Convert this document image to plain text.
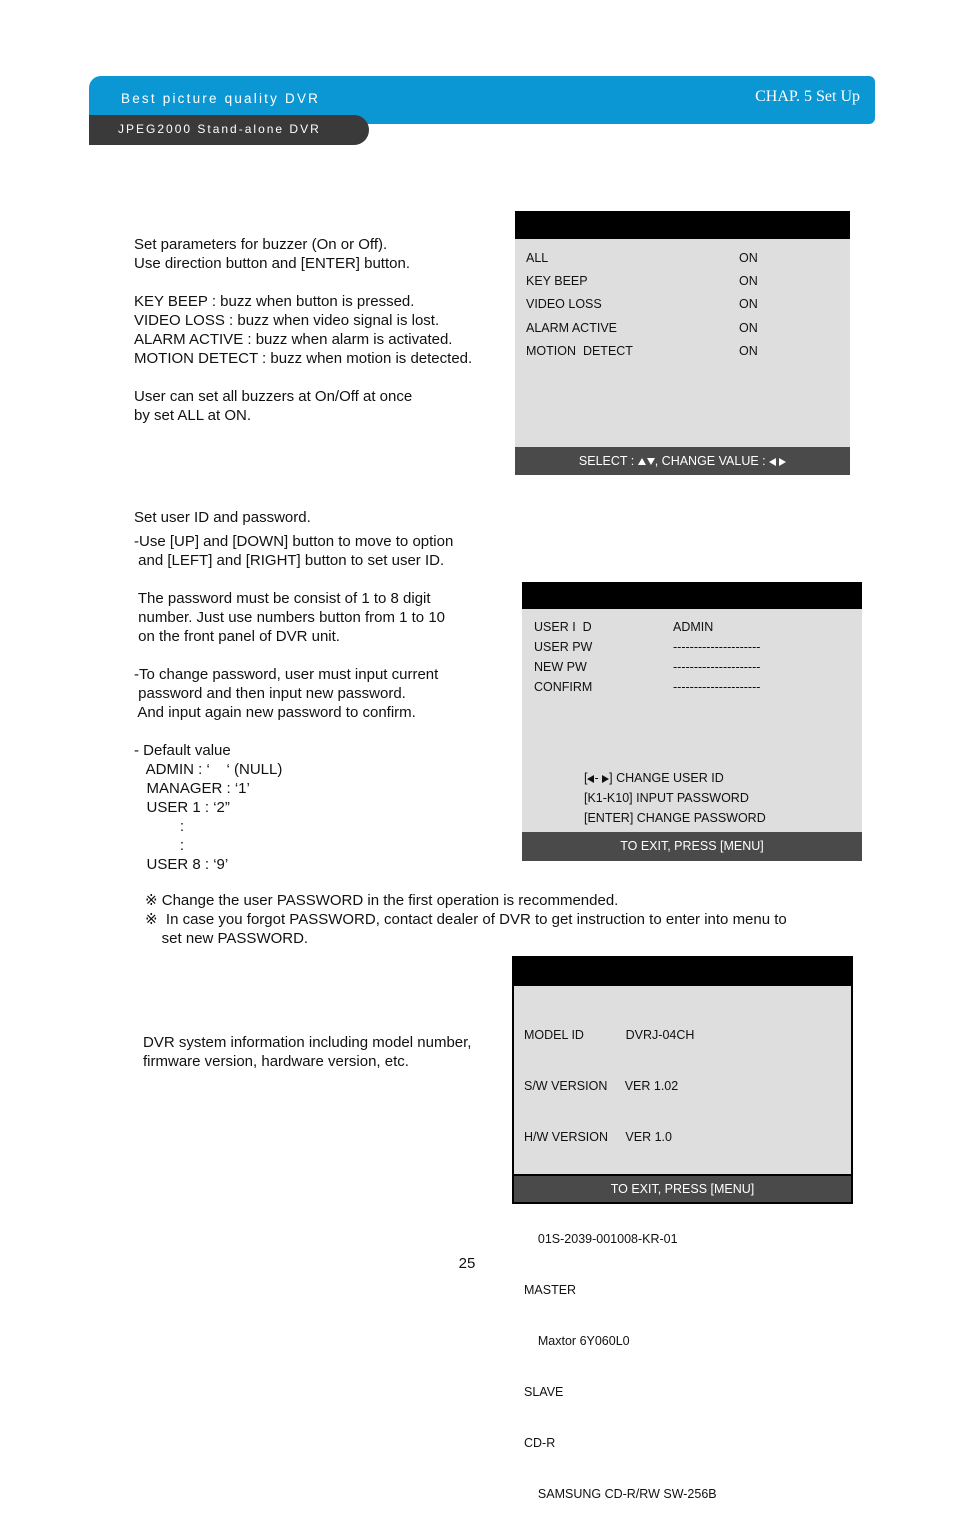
Best picture quality DVR	CHAP. 5 Set Up
JPEG2000 Stand-alone DVR
Set parameters for buzzer (On or Off).
Use direction button and [ENTER] button.

KEY BEEP : buzz when button is pressed.
VIDEO LOSS : buzz when video signal is lost.
ALARM ACTIVE : buzz when alarm is activated.
MOTION DETECT : buzz when motion is detected.

User can set all buzzers at On/Off at once
by set ALL at ON.
ALL	ON
KEY BEEP	ON
VIDEO LOSS	ON
ALARM ACTIVE	ON
MOTION  DETECT	ON
SELECT : , CHANGE VALUE :
Set user ID and password.
-Use [UP] and [DOWN] button to move to option
and [LEFT] and [RIGHT] button to set user ID.

The password must be consist of 1 to 8 digit
number. Just use numbers button from 1 to 10
on the front panel of DVR unit.

-To change password, user must input current
password and then input new password.
And input again new password to confirm.

- Default value
ADMIN : ‘    ‘ (NULL)
MANAGER : ‘1’
USER 1 : ‘2”
:
:
USER 8 : ‘9’
USER I  D	ADMIN
USER PW	---------------------
NEW PW	---------------------
CONFIRM	---------------------
[ - ] CHANGE USER ID
[K1-K10] INPUT PASSWORD
[ENTER] CHANGE PASSWORD
TO EXIT, PRESS [MENU]
※ Change the user PASSWORD in the first operation is recommended.
※  In case you forgot PASSWORD, contact dealer of DVR to get instruction to enter into menu to
set new PASSWORD.
DVR system information including model number,
firmware version, hardware version, etc.

MODEL ID            DVRJ-04CH

S/W VERSION     VER 1.02

H/W VERSION     VER 1.0

01S-2039-001008-KR-01

MASTER

Maxtor 6Y060L0

SLAVE

CD-R

SAMSUNG CD-R/RW SW-256B

TO EXIT, PRESS [MENU]
25
